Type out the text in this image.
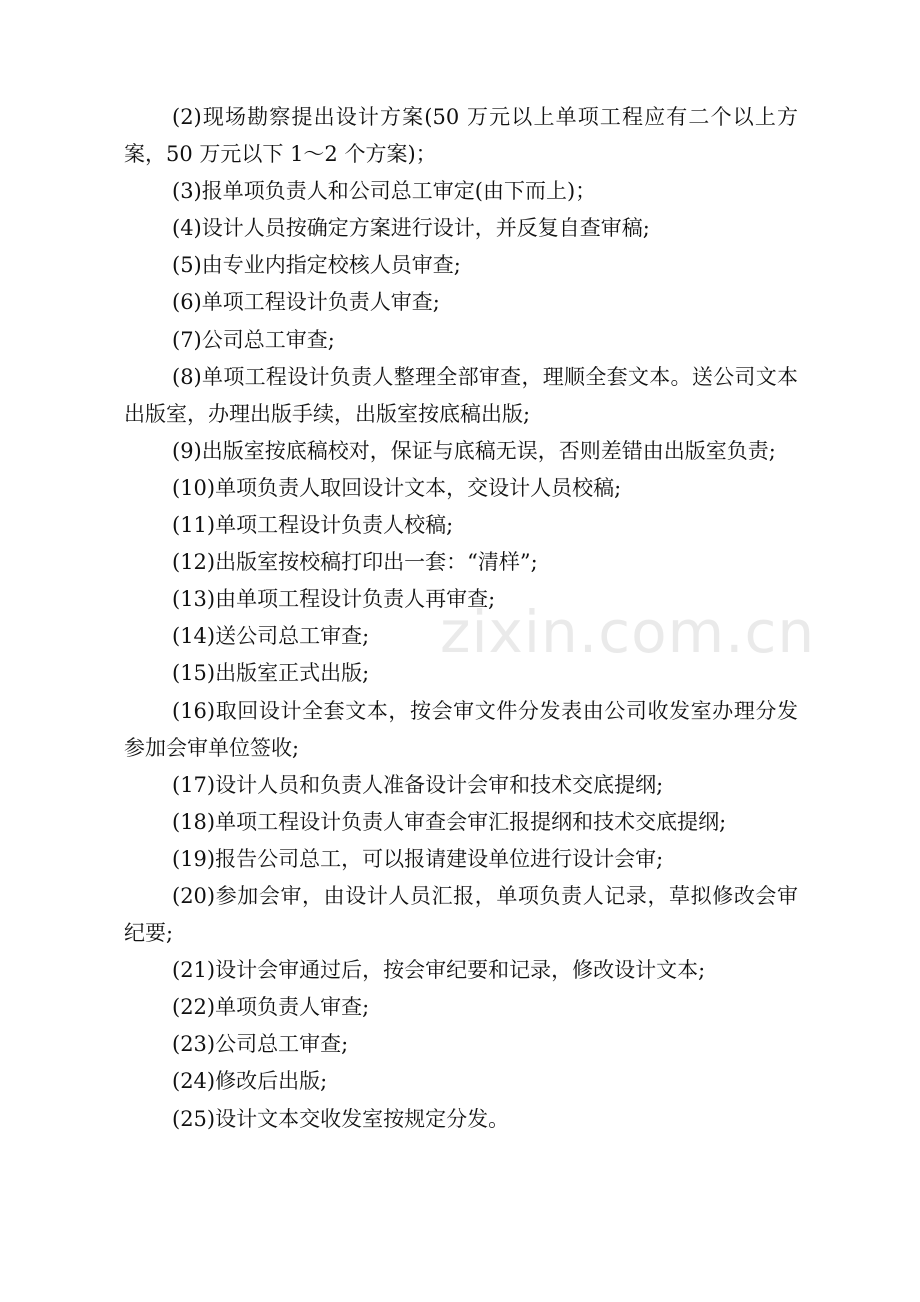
(2)现场勘察提出设计方案(50 万元以上单项工程应有二个以上方案，50 万元以下 1～2 个方案)；

(3)报单项负责人和公司总工审定(由下而上)；

(4)设计人员按确定方案进行设计，并反复自查审稿;

(5)由专业内指定校核人员审查;

(6)单项工程设计负责人审查;

(7)公司总工审查;

(8)单项工程设计负责人整理全部审查，理顺全套文本。送公司文本出版室，办理出版手续，出版室按底稿出版;

(9)出版室按底稿校对，保证与底稿无误，否则差错由出版室负责;

(10)单项负责人取回设计文本，交设计人员校稿;

(11)单项工程设计负责人校稿;

(12)出版室按校稿打印出一套：“清样”;

(13)由单项工程设计负责人再审查;

(14)送公司总工审查;

(15)出版室正式出版;

(16)取回设计全套文本，按会审文件分发表由公司收发室办理分发参加会审单位签收;

(17)设计人员和负责人准备设计会审和技术交底提纲;

(18)单项工程设计负责人审查会审汇报提纲和技术交底提纲;

(19)报告公司总工，可以报请建设单位进行设计会审;

(20)参加会审，由设计人员汇报，单项负责人记录，草拟修改会审纪要;

(21)设计会审通过后，按会审纪要和记录，修改设计文本;

(22)单项负责人审查;

(23)公司总工审查;

(24)修改后出版;

(25)设计文本交收发室按规定分发。

zixin.com.cn
